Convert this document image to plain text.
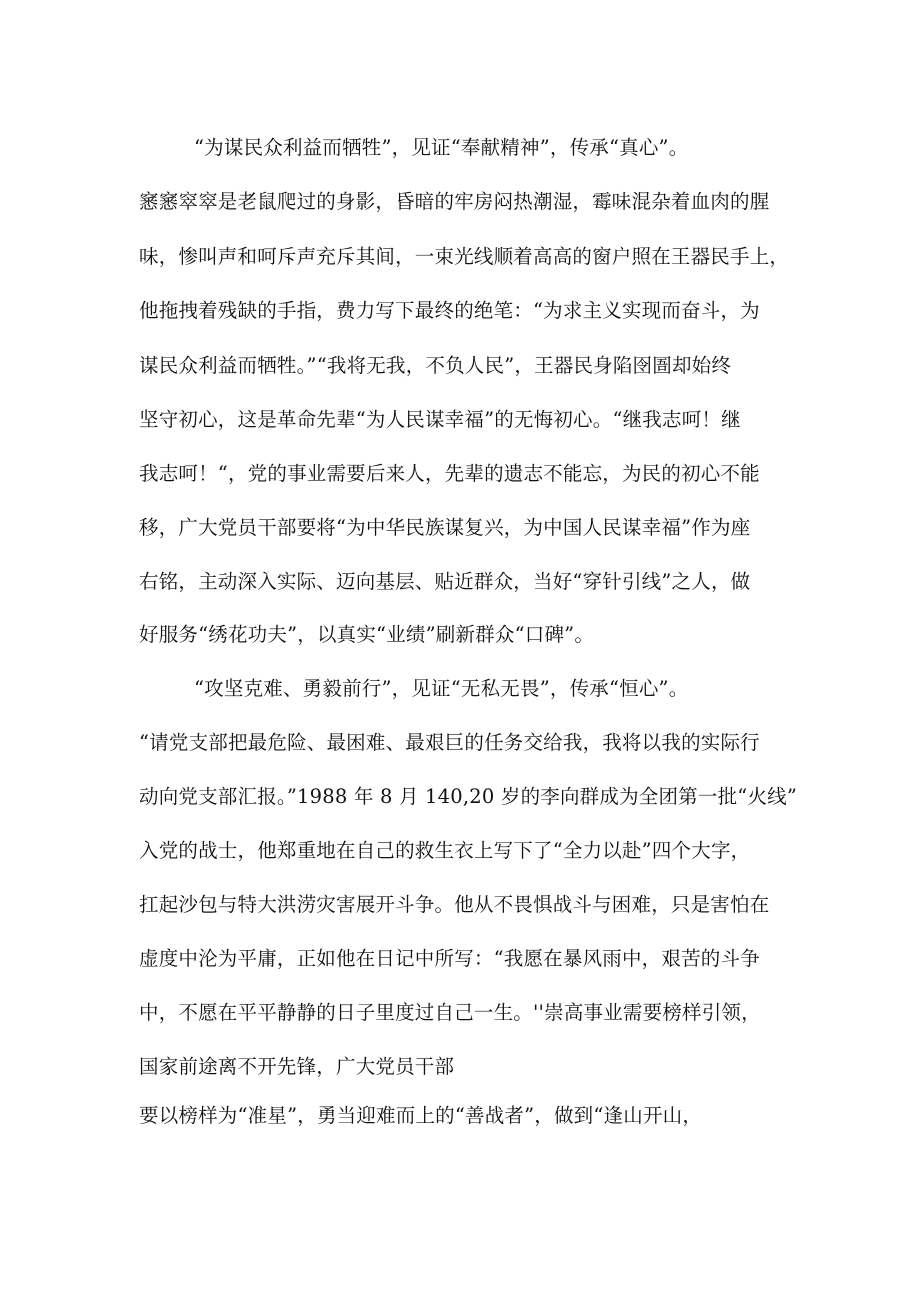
“为谋民众利益而牺牲”，见证“奉献精神”，传承“真心”。
窸窸窣窣是老鼠爬过的身影，昏暗的牢房闷热潮湿，霉味混杂着血肉的腥
味，惨叫声和呵斥声充斥其间，一束光线顺着高高的窗户照在王器民手上，
他拖拽着残缺的手指，费力写下最终的绝笔：“为求主义实现而奋斗，为
谋民众利益而牺牲。”“我将无我，不负人民”，王器民身陷囹圄却始终
坚守初心，这是革命先辈“为人民谋幸福”的无悔初心。“继我志呵！继
我志呵！“，党的事业需要后来人，先辈的遗志不能忘，为民的初心不能
移，广大党员干部要将“为中华民族谋复兴，为中国人民谋幸福”作为座
右铭，主动深入实际、迈向基层、贴近群众，当好“穿针引线”之人，做
好服务“绣花功夫”，以真实“业绩”刷新群众“口碑”。
“攻坚克难、勇毅前行”，见证“无私无畏”，传承“恒心”。
“请党支部把最危险、最困难、最艰巨的任务交给我，我将以我的实际行
动向党支部汇报。”1988 年 8 月 140,20 岁的李向群成为全团第一批“火线”
入党的战士，他郑重地在自己的救生衣上写下了“全力以赴”四个大字，
扛起沙包与特大洪涝灾害展开斗争。他从不畏惧战斗与困难，只是害怕在
虚度中沦为平庸，正如他在日记中所写：“我愿在暴风雨中，艰苦的斗争
中，不愿在平平静静的日子里度过自己一生。''崇高事业需要榜样引领，
国家前途离不开先锋，广大党员干部
要以榜样为“准星”，勇当迎难而上的“善战者”，做到“逢山开山，
